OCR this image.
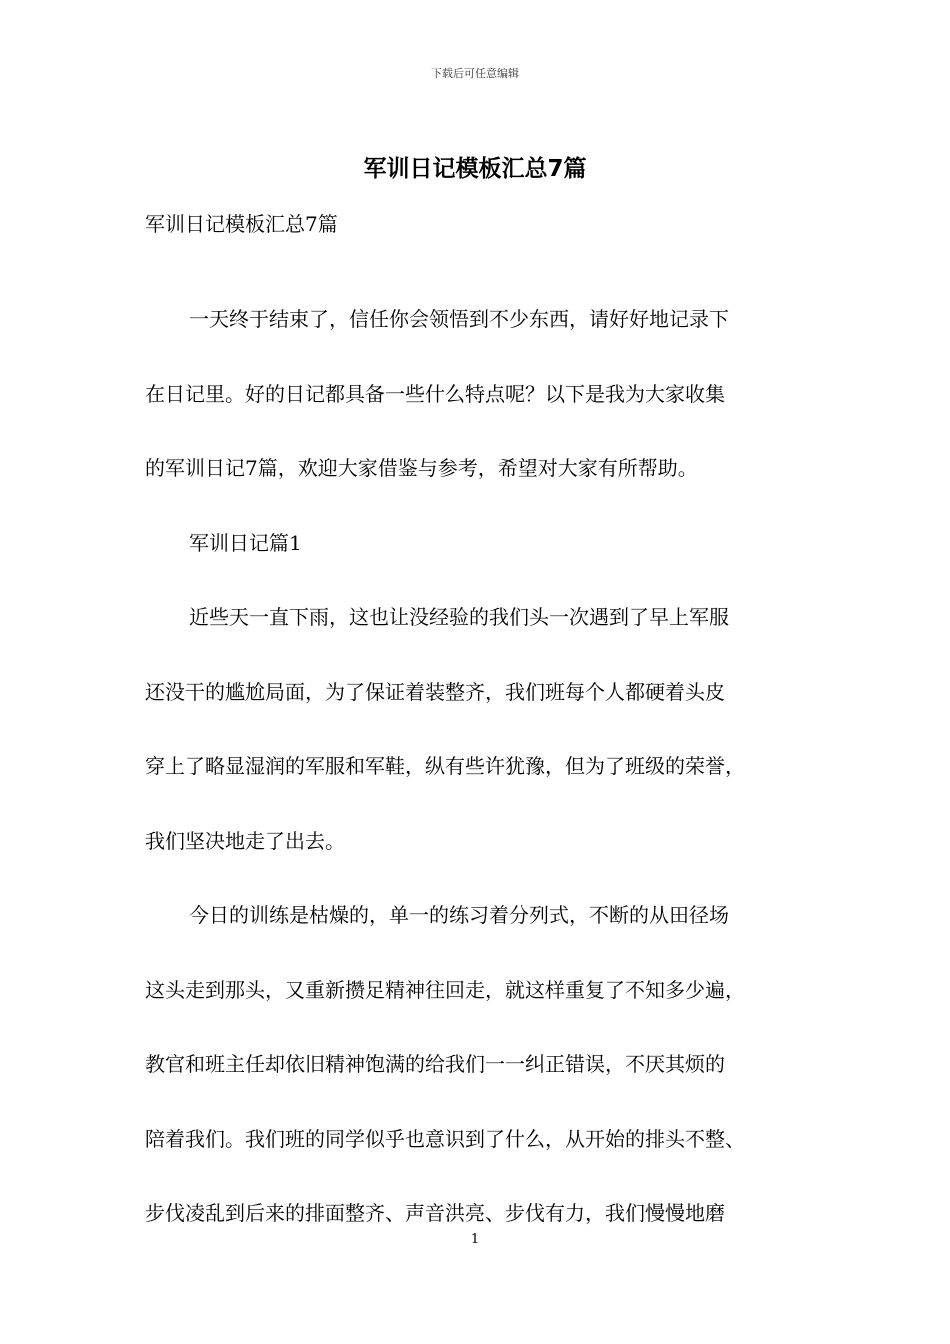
下载后可任意编辑
军训日记模板汇总7篇
军训日记模板汇总7篇
一天终于结束了，信任你会领悟到不少东西，请好好地记录下
在日记里。好的日记都具备一些什么特点呢？以下是我为大家收集
的军训日记7篇，欢迎大家借鉴与参考，希望对大家有所帮助。
军训日记篇1
近些天一直下雨，这也让没经验的我们头一次遇到了早上军服
还没干的尴尬局面，为了保证着装整齐，我们班每个人都硬着头皮
穿上了略显湿润的军服和军鞋，纵有些许犹豫，但为了班级的荣誉，
我们坚决地走了出去。
今日的训练是枯燥的，单一的练习着分列式，不断的从田径场
这头走到那头，又重新攒足精神往回走，就这样重复了不知多少遍，
教官和班主任却依旧精神饱满的给我们一一纠正错误，不厌其烦的
陪着我们。我们班的同学似乎也意识到了什么，从开始的排头不整、
步伐凌乱到后来的排面整齐、声音洪亮、步伐有力，我们慢慢地磨
1
